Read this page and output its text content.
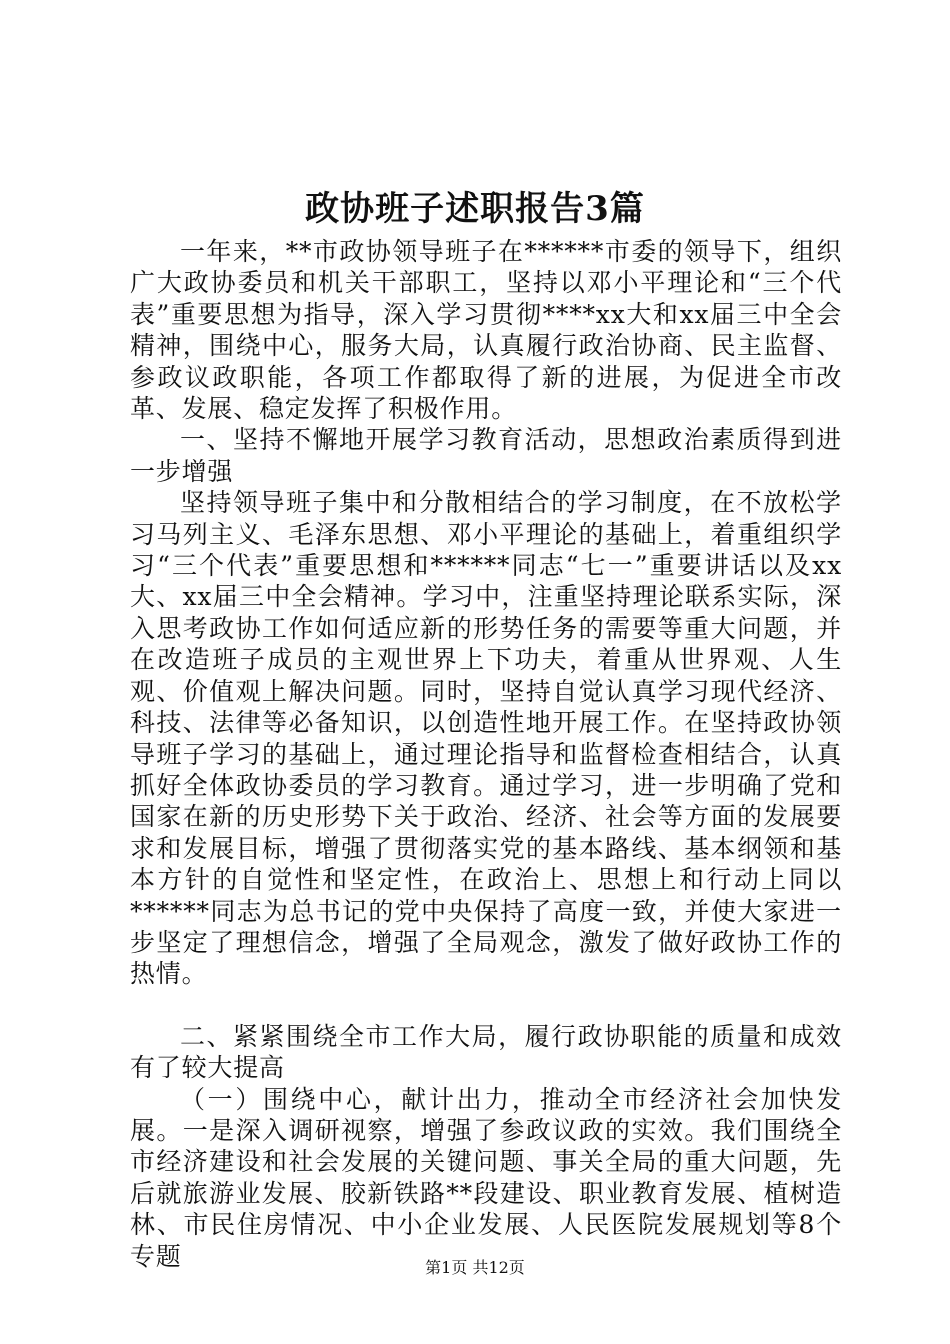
政协班子述职报告3篇

一年来，**市政协领导班子在******市委的领导下，组织广大政协委员和机关干部职工，坚持以邓小平理论和“三个代表”重要思想为指导，深入学习贯彻****xx大和xx届三中全会精神，围绕中心，服务大局，认真履行政治协商、民主监督、参政议政职能，各项工作都取得了新的进展，为促进全市改革、发展、稳定发挥了积极作用。

一、坚持不懈地开展学习教育活动，思想政治素质得到进一步增强

坚持领导班子集中和分散相结合的学习制度，在不放松学习马列主义、毛泽东思想、邓小平理论的基础上，着重组织学习“三个代表”重要思想和******同志“七一”重要讲话以及xx大、xx届三中全会精神。学习中，注重坚持理论联系实际，深入思考政协工作如何适应新的形势任务的需要等重大问题，并在改造班子成员的主观世界上下功夫，着重从世界观、人生观、价值观上解决问题。同时，坚持自觉认真学习现代经济、科技、法律等必备知识，以创造性地开展工作。在坚持政协领导班子学习的基础上，通过理论指导和监督检查相结合，认真抓好全体政协委员的学习教育。通过学习，进一步明确了党和国家在新的历史形势下关于政治、经济、社会等方面的发展要求和发展目标，增强了贯彻落实党的基本路线、基本纲领和基本方针的自觉性和坚定性，在政治上、思想上和行动上同以******同志为总书记的党中央保持了高度一致，并使大家进一步坚定了理想信念，增强了全局观念，激发了做好政协工作的热情。

二、紧紧围绕全市工作大局，履行政协职能的质量和成效有了较大提高

（一）围绕中心，献计出力，推动全市经济社会加快发展。一是深入调研视察，增强了参政议政的实效。我们围绕全市经济建设和社会发展的关键问题、事关全局的重大问题，先后就旅游业发展、胶新铁路**段建设、职业教育发展、植树造林、市民住房情况、中小企业发展、人民医院发展规划等8个专题	第1页 共12页
